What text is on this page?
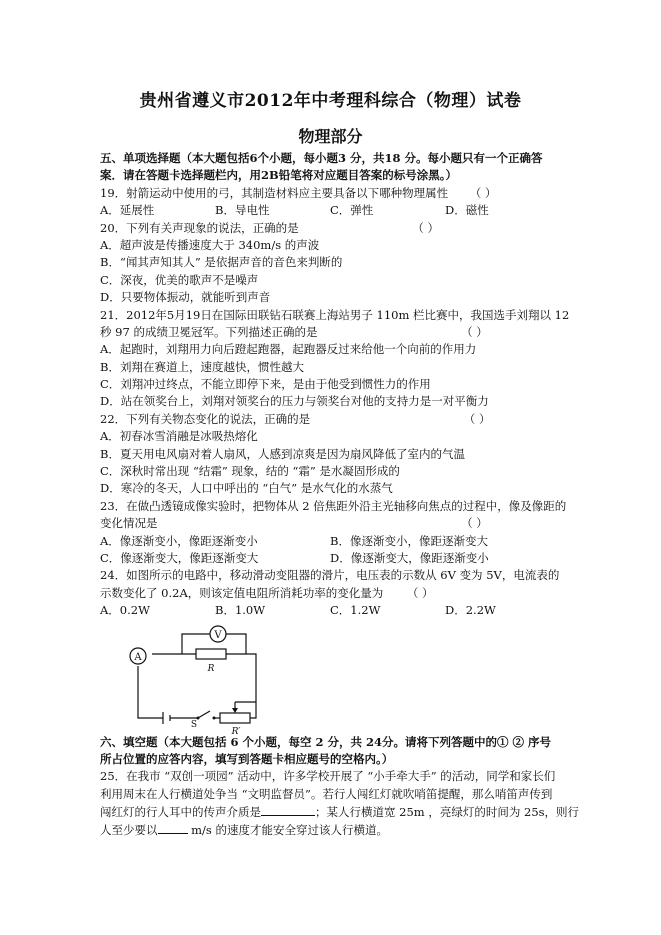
贵州省遵义市2012年中考理科综合（物理）试卷
物理部分
五、单项选择题（本大题包括6个小题，每小题3 分，共18 分。每小题只有一个正确答
案．请在答题卡选择题栏内，用2B铅笔将对应题目答案的标号涂黑。）
19．射箭运动中使用的弓，其制造材料应主要具备以下哪种物理属性 （ ）
A．延展性	B．导电性	C．弹性	D．磁性
20．下列有关声现象的说法，正确的是	（ ）
A．超声波是传播速度大于 340m/s 的声波
B．“闻其声知其人” 是依据声音的音色来判断的
C．深夜，优美的歌声不是噪声
D．只要物体振动，就能听到声音
21．2012年5月19日在国际田联钻石联赛上海站男子 110m 栏比赛中，我国选手刘翔以 12
秒 97 的成绩卫冕冠军。下列描述正确的是	（ ）
A．起跑时，刘翔用力向后蹬起跑器，起跑器反过来给他一个向前的作用力
B．刘翔在赛道上，速度越快，惯性越大
C．刘翔冲过终点，不能立即停下来，是由于他受到惯性力的作用
D．站在领奖台上，刘翔对领奖台的压力与领奖台对他的支持力是一对平衡力
22．下列有关物态变化的说法，正确的是	（ ）
A．初春冰雪消融是冰吸热熔化
B．夏天用电风扇对着人扇风，人感到凉爽是因为扇风降低了室内的气温
C．深秋时常出现 “结霜” 现象，结的 “霜” 是水凝固形成的
D．寒冷的冬天，人口中呼出的 “白气” 是水气化的水蒸气
23．在做凸透镜成像实验时，把物体从 2 倍焦距外沿主光轴移向焦点的过程中，像及像距的
变化情况是	（ ）
A．像逐渐变小，像距逐渐变小	B．像逐渐变小，像距逐渐变大
C．像逐渐变大，像距逐渐变大	D．像逐渐变大，像距逐渐变小
24．如图所示的电路中，移动滑动变阻器的滑片，电压表的示数从 6V 变为 5V，电流表的
示数变化了 0.2A，则该定值电阻所消耗功率的变化量为 （ ）
A．0.2W	B．1.0W	C．1.2W	D．2.2W
A
V
R
S
R′
六、填空题（本大题包括 6 个小题，每空 2 分，共 24分。请将下列答题中的① ② 序号
所占位置的应答内容，填写到答题卡相应题号的空格内。）
25．在我市 “双创一项园” 活动中，许多学校开展了 “小手牵大手” 的活动，同学和家长们
利用周末在人行横道处争当 “文明监督员”。若行人闯红灯就吹哨笛提醒，那么哨笛声传到
闯红灯的行人耳中的传声介质是	；某人行横道宽 25m ，亮绿灯的时间为 25s，则行
人至少要以	m/s 的速度才能安全穿过该人行横道。
